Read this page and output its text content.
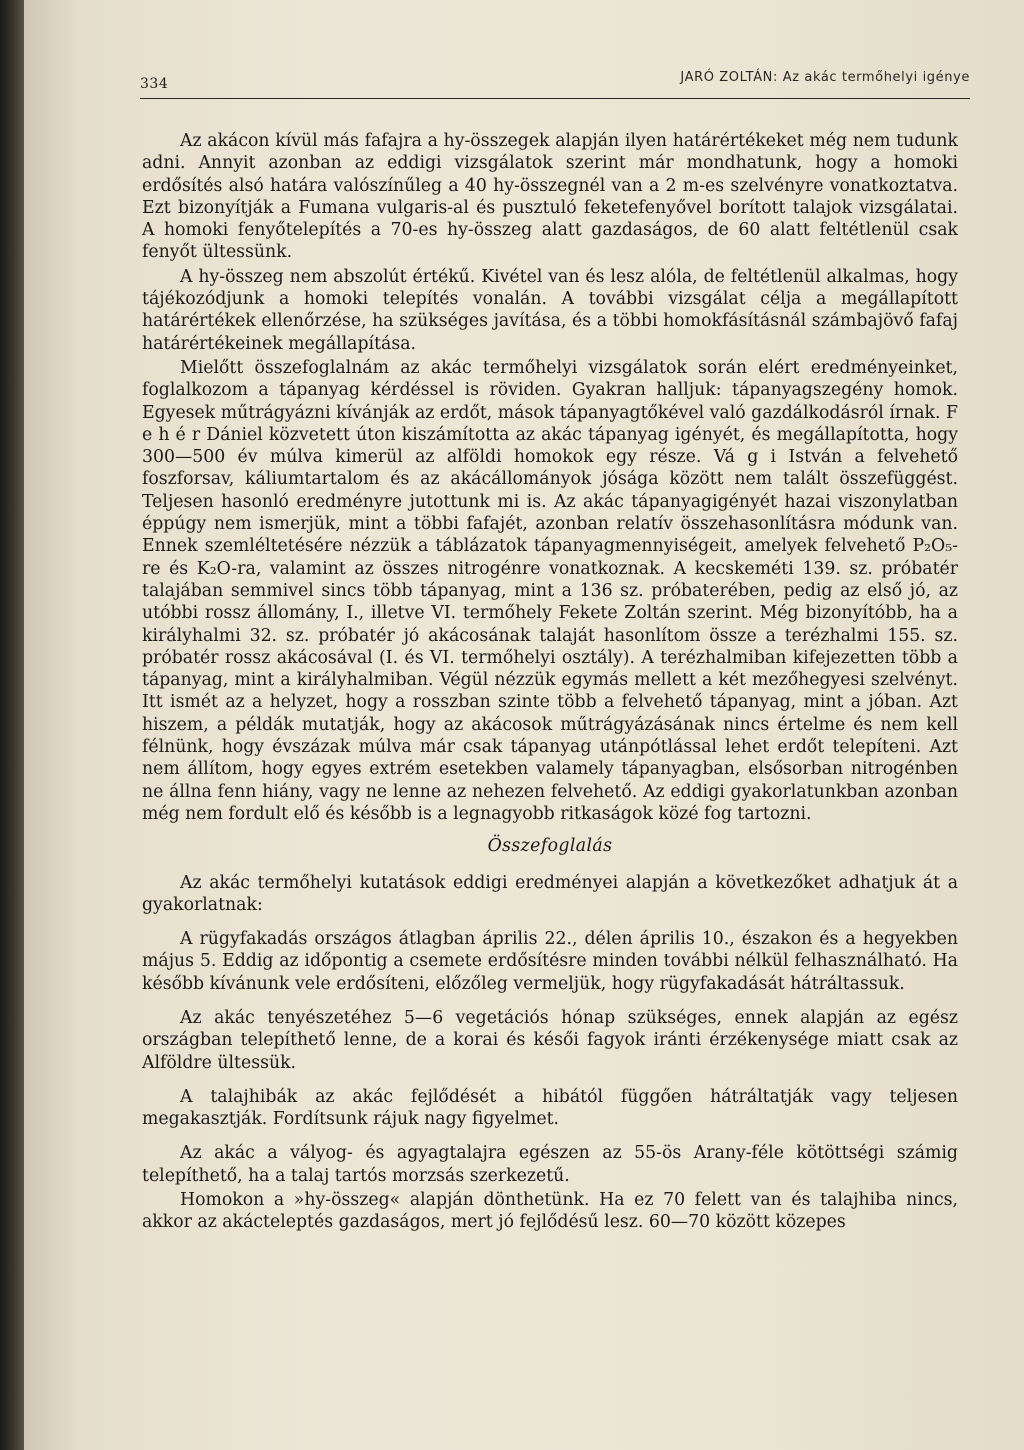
334	JARÓ ZOLTÁN: Az akác termőhelyi igénye

Az akácon kívül más fafajra a hy-összegek alapján ilyen határértékeket még nem tudunk adni. Annyit azonban az eddigi vizsgálatok szerint már mondhatunk, hogy a homoki erdősítés alsó határa valószínűleg a 40 hy-összegnél van a 2 m-es szelvényre vonatkoztatva. Ezt bizonyítják a Fumana vulgaris-al és pusztuló feketefenyővel borított talajok vizsgálatai. A homoki fenyőtelepítés a 70-es hy-összeg alatt gazdaságos, de 60 alatt feltétlenül csak fenyőt ültessünk.

A hy-összeg nem abszolút értékű. Kivétel van és lesz alóla, de feltétlenül alkalmas, hogy tájékozódjunk a homoki telepítés vonalán. A további vizsgálat célja a megállapított határértékek ellenőrzése, ha szükséges javítása, és a többi homokfásításnál számbajövő fafaj határértékeinek megállapítása.

Mielőtt összefoglalnám az akác termőhelyi vizsgálatok során elért eredményeinket, foglalkozom a tápanyag kérdéssel is röviden. Gyakran halljuk: tápanyagszegény homok. Egyesek műtrágyázni kívánják az erdőt, mások tápanyagtőkével való gazdálkodásról írnak. F e h é r Dániel közvetett úton kiszámította az akác tápanyag igényét, és megállapította, hogy 300—500 év múlva kimerül az alföldi homokok egy része. Vá g i István a felvehető foszforsav, káliumtartalom és az akácállományok jósága között nem talált összefüggést. Teljesen hasonló eredményre jutottunk mi is. Az akác tápanyagigényét hazai viszonylatban éppúgy nem ismerjük, mint a többi fafajét, azonban relatív összehasonlításra módunk van. Ennek szemléltetésére nézzük a táblázatok tápanyagmennyiségeit, amelyek felvehető P₂O₅-re és K₂O-ra, valamint az összes nitrogénre vonatkoznak. A kecskeméti 139. sz. próbatér talajában semmivel sincs több tápanyag, mint a 136 sz. próbaterében, pedig az első jó, az utóbbi rossz állomány, I., illetve VI. termőhely Fekete Zoltán szerint. Még bizonyítóbb, ha a királyhalmi 32. sz. próbatér jó akácosának talaját hasonlítom össze a terézhalmi 155. sz. próbatér rossz akácosával (I. és VI. termőhelyi osztály). A terézhalmiban kifejezetten több a tápanyag, mint a királyhalmiban. Végül nézzük egymás mellett a két mezőhegyesi szelvényt. Itt ismét az a helyzet, hogy a rosszban szinte több a felvehető tápanyag, mint a jóban. Azt hiszem, a példák mutatják, hogy az akácosok műtrágyázásának nincs értelme és nem kell félnünk, hogy évszázak múlva már csak tápanyag utánpótlással lehet erdőt telepíteni. Azt nem állítom, hogy egyes extrém esetekben valamely tápanyagban, elsősorban nitrogénben ne állna fenn hiány, vagy ne lenne az nehezen felvehető. Az eddigi gyakorlatunkban azonban még nem fordult elő és később is a legnagyobb ritkaságok közé fog tartozni.

Összefoglalás

Az akác termőhelyi kutatások eddigi eredményei alapján a következőket adhatjuk át a gyakorlatnak:

A rügyfakadás országos átlagban április 22., délen április 10., északon és a hegyekben május 5. Eddig az időpontig a csemete erdősítésre minden további nélkül felhasználható. Ha később kívánunk vele erdősíteni, előzőleg vermeljük, hogy rügyfakadását hátráltassuk.

Az akác tenyészetéhez 5—6 vegetációs hónap szükséges, ennek alapján az egész országban telepíthető lenne, de a korai és késői fagyok iránti érzékenysége miatt csak az Alföldre ültessük.

A talajhibák az akác fejlődését a hibától függően hátráltatják vagy teljesen megakasztják. Fordítsunk rájuk nagy figyelmet.

Az akác a vályog- és agyagtalajra egészen az 55-ös Arany-féle kötöttségi számig telepíthető, ha a talaj tartós morzsás szerkezetű.

Homokon a »hy-összeg« alapján dönthetünk. Ha ez 70 felett van és talajhiba nincs, akkor az akácteleptés gazdaságos, mert jó fejlődésű lesz. 60—70 között közepes
